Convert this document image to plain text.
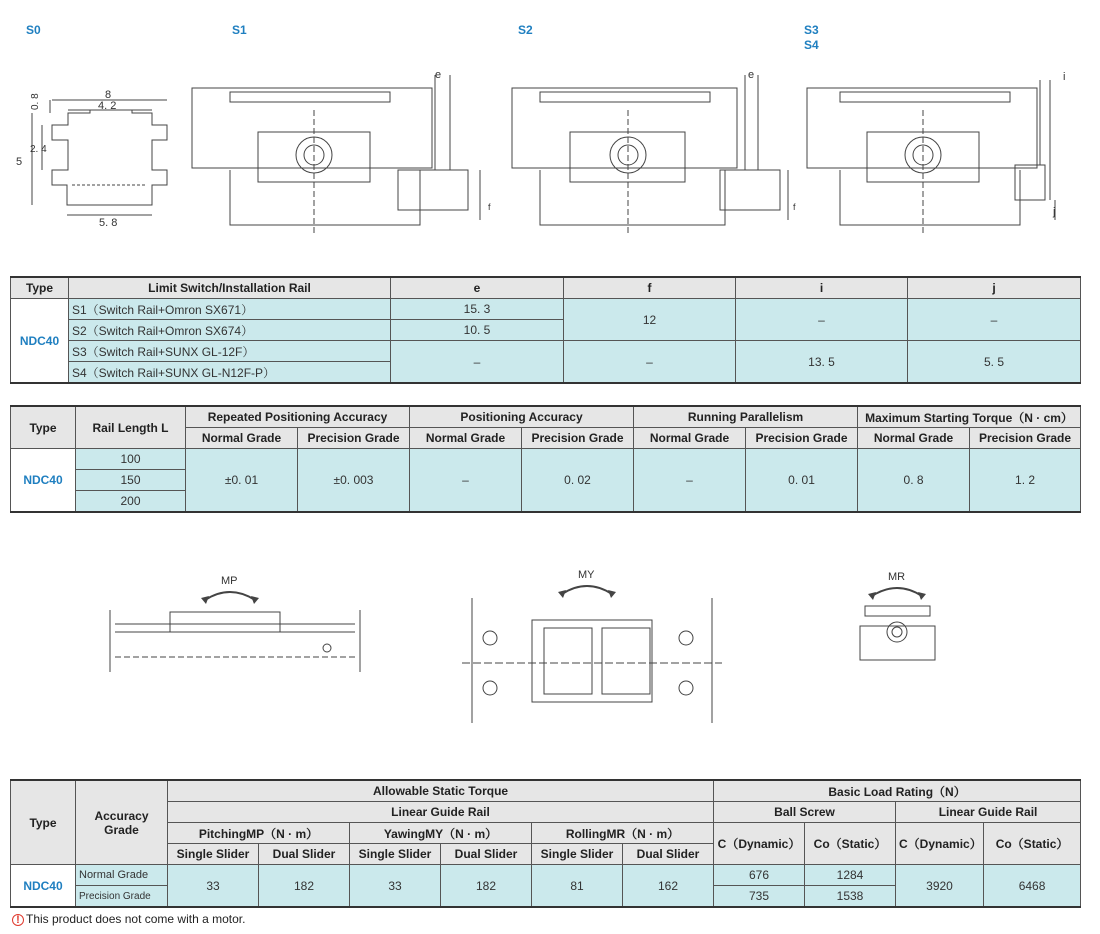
S0	S1	S2	S3
S4
8
4. 2
0. 8
5
2. 4
5. 8
e
f
e
f
i
j
Type	Limit Switch/Installation Rail	e	f	i	j
NDC40	S1（Switch Rail+Omron SX671）	15. 3	12	–	–
	S2（Switch Rail+Omron SX674）	10. 5			
	S3（Switch Rail+SUNX GL-12F）	–	–	13. 5	5. 5
	S4（Switch Rail+SUNX GL-N12F-P）				
Type	Rail Length L	Repeated Positioning Accuracy		Positioning Accuracy		Running Parallelism		Maximum Starting Torque（N · cm）	
		Normal Grade	Precision Grade	Normal Grade	Precision Grade	Normal Grade	Precision Grade	Normal Grade	Precision Grade
NDC40	100	±0. 01	±0. 003	–	0. 02	–	0. 01	0. 8	1. 2
	150								
	200								
MP	MY	MR
Type	Accuracy Grade	Allowable Static Torque						Basic Load Rating（N）			
		Linear Guide Rail						Ball Screw		Linear Guide Rail	
		PitchingMP（N · m）		YawingMY（N · m）		RollingMR（N · m）		C（Dynamic）	Co（Static）	C（Dynamic）	Co（Static）
		Single Slider	Dual Slider	Single Slider	Dual Slider	Single Slider	Dual Slider				
NDC40	Normal Grade	33	182	33	182	81	162	676	1284	3920	6468
	Precision Grade							735	1538		
! This product does not come with a motor.
